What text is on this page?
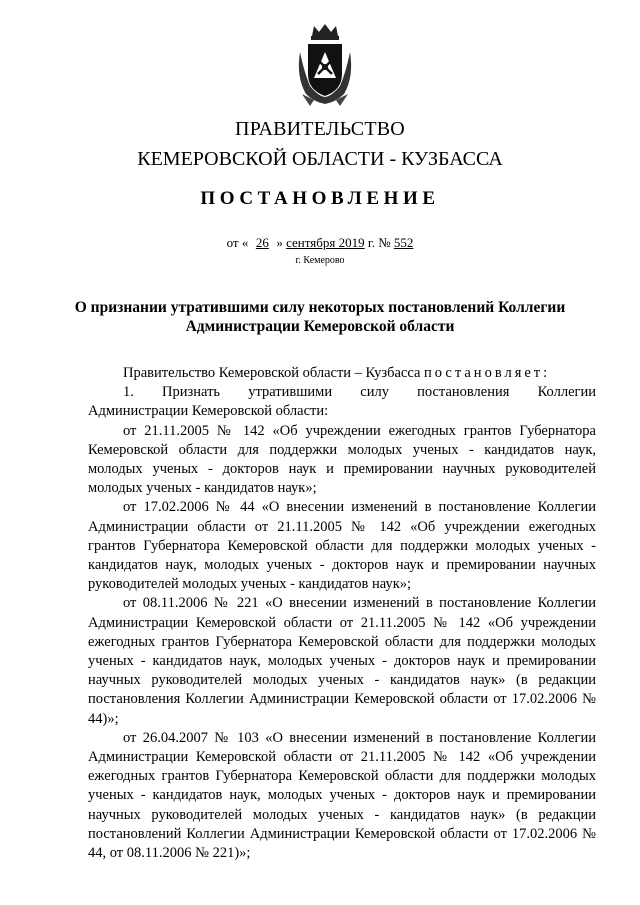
ПРАВИТЕЛЬСТВО
КЕМЕРОВСКОЙ ОБЛАСТИ - КУЗБАССА
ПОСТАНОВЛЕНИЕ
от « 26 » сентября 2019 г. № 552
г. Кемерово
О признании утратившими силу некоторых постановлений Коллегии Администрации Кемеровской области

Правительство Кемеровской области – Кузбасса постановляет:

1. Признать утратившими силу постановления Коллегии

Администрации Кемеровской области:

от 21.11.2005 № 142 «Об учреждении ежегодных грантов Губернатора Кемеровской области для поддержки молодых ученых - кандидатов наук, молодых ученых - докторов наук и премировании научных руководителей молодых ученых - кандидатов наук»;

от 17.02.2006 № 44 «О внесении изменений в постановление Коллегии Администрации области от 21.11.2005 № 142 «Об учреждении ежегодных грантов Губернатора Кемеровской области для поддержки молодых ученых - кандидатов наук, молодых ученых - докторов наук и премировании научных руководителей молодых ученых - кандидатов наук»;

от 08.11.2006 № 221 «О внесении изменений в постановление Коллегии Администрации Кемеровской области от 21.11.2005 № 142 «Об учреждении ежегодных грантов Губернатора Кемеровской области для поддержки молодых ученых - кандидатов наук, молодых ученых - докторов наук и премировании научных руководителей молодых ученых - кандидатов наук» (в редакции постановления Коллегии Администрации Кемеровской области от 17.02.2006 № 44)»;

от 26.04.2007 № 103 «О внесении изменений в постановление Коллегии Администрации Кемеровской области от 21.11.2005 № 142 «Об учреждении ежегодных грантов Губернатора Кемеровской области для поддержки молодых ученых - кандидатов наук, молодых ученых - докторов наук и премировании научных руководителей молодых ученых - кандидатов наук» (в редакции постановлений Коллегии Администрации Кемеровской области от 17.02.2006 № 44, от 08.11.2006 № 221)»;
